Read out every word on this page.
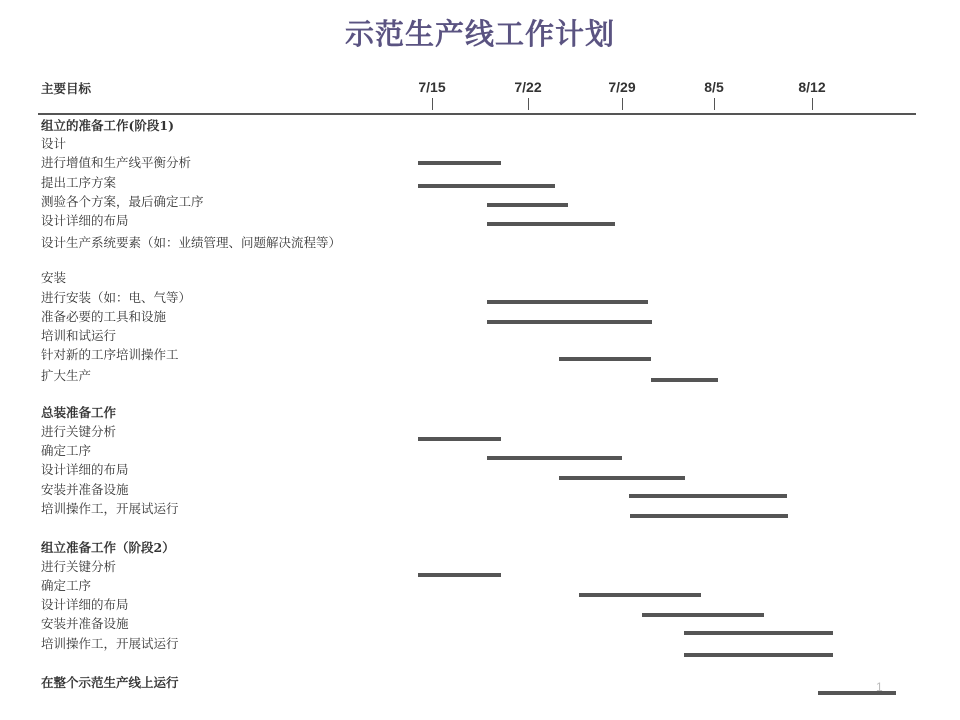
示范生产线工作计划
主要目标	7/15	7/22	7/29	8/5	8/12
组立的准备工作(阶段1)
设计
进行增值和生产线平衡分析
提出工序方案
测验各个方案，最后确定工序
设计详细的布局
设计生产系统要素（如：业绩管理、问题解决流程等）
安装
进行安装（如：电、气等）
准备必要的工具和设施
培训和试运行
针对新的工序培训操作工
扩大生产
总装准备工作
进行关键分析
确定工序
设计详细的布局
安装并准备设施
培训操作工，开展试运行
组立准备工作（阶段2）
进行关键分析
确定工序
设计详细的布局
安装并准备设施
培训操作工，开展试运行
在整个示范生产线上运行	1
